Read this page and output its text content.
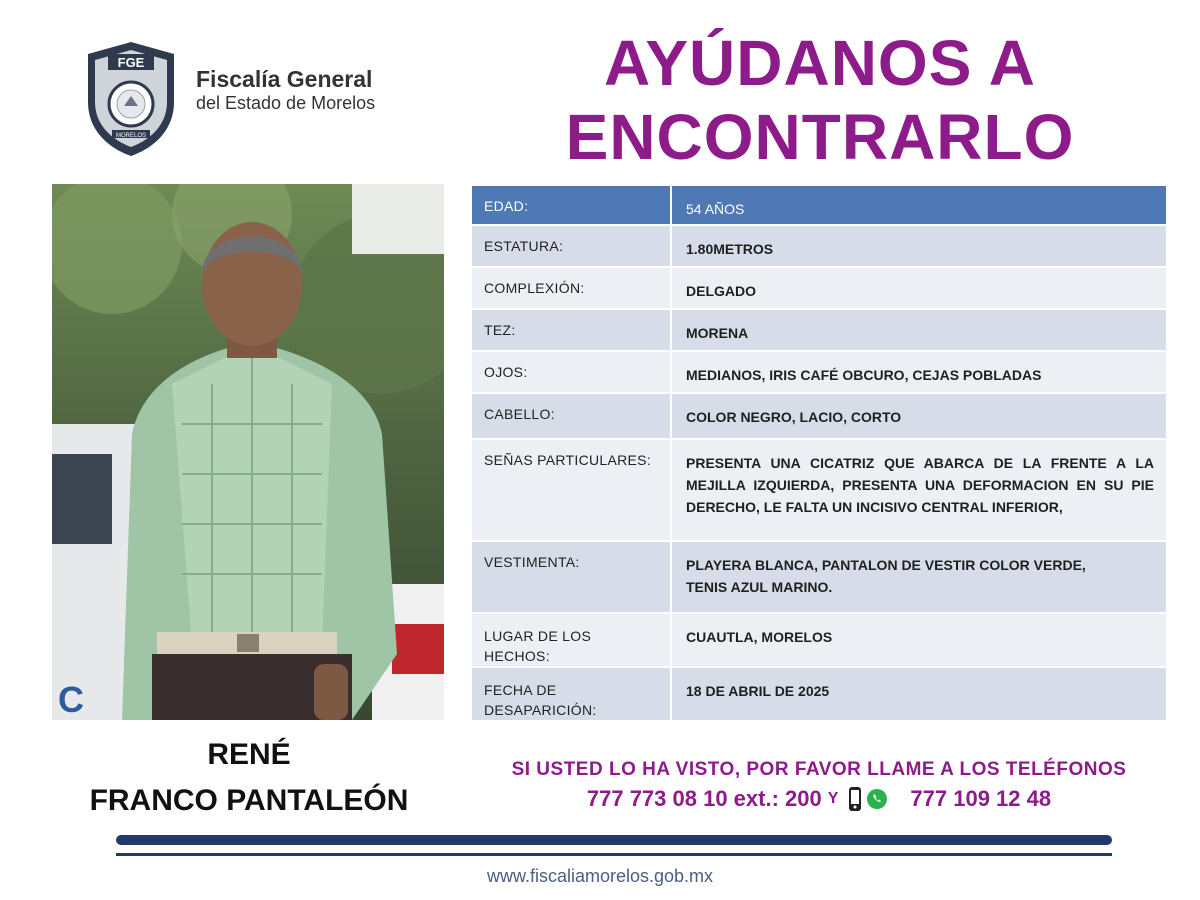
FGE
MORELOS
Fiscalía General
del Estado de Morelos
AYÚDANOS A
ENCONTRARLO
C
RENÉ
FRANCO PANTALEÓN
EDAD:	54 AÑOS
ESTATURA:	1.80METROS
COMPLEXIÓN:	DELGADO
TEZ:	MORENA
OJOS:	MEDIANOS, IRIS CAFÉ OBCURO, CEJAS POBLADAS
CABELLO:	COLOR NEGRO, LACIO, CORTO
SEÑAS PARTICULARES:	PRESENTA UNA CICATRIZ QUE ABARCA DE LA FRENTE A LA MEJILLA IZQUIERDA, PRESENTA UNA DEFORMACION EN SU PIE DERECHO, LE FALTA UN INCISIVO CENTRAL INFERIOR,
VESTIMENTA:	PLAYERA BLANCA, PANTALON DE VESTIR COLOR VERDE, TENIS AZUL MARINO.
LUGAR DE LOS HECHOS:
CUAUTLA, MORELOS
FECHA DE DESAPARICIÓN:
18 DE ABRIL DE 2025
SI USTED LO HA VISTO, POR FAVOR LLAME A LOS TELÉFONOS
777 773 08 10 ext.: 200 Y	777 109 12 48
www.fiscaliamorelos.gob.mx
